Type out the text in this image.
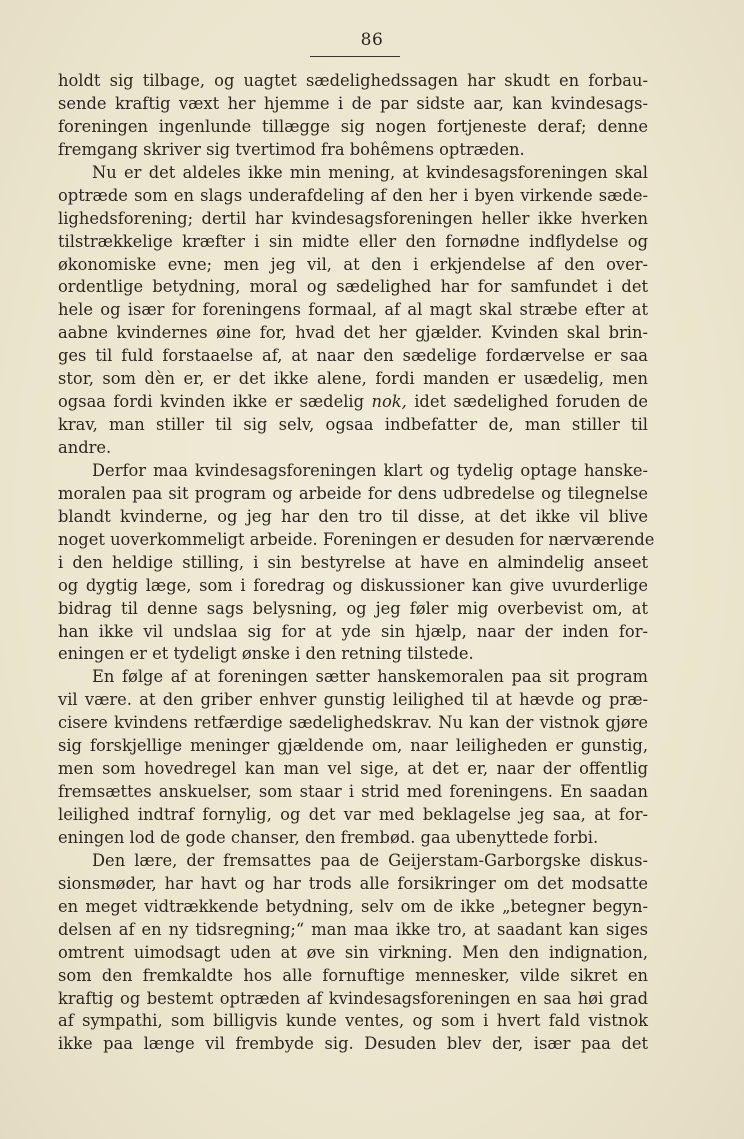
86
holdt sig tilbage, og uagtet sædelighedssagen har skudt en forbau-
sende kraftig væxt her hjemme i de par sidste aar, kan kvindesags-
foreningen ingenlunde tillægge sig nogen fortjeneste deraf; denne
fremgang skriver sig tvertimod fra bohêmens optræden.
Nu er det aldeles ikke min mening, at kvindesagsforeningen skal
optræde som en slags underafdeling af den her i byen virkende sæde-
lighedsforening; dertil har kvindesagsforeningen heller ikke hverken
tilstrækkelige kræfter i sin midte eller den fornødne indflydelse og
økonomiske evne; men jeg vil, at den i erkjendelse af den over-
ordentlige betydning, moral og sædelighed har for samfundet i det
hele og især for foreningens formaal, af al magt skal stræbe efter at
aabne kvindernes øine for, hvad det her gjælder. Kvinden skal brin-
ges til fuld forstaaelse af, at naar den sædelige fordærvelse er saa
stor, som dèn er, er det ikke alene, fordi manden er usædelig, men
ogsaa fordi kvinden ikke er sædelig nok, idet sædelighed foruden de
krav, man stiller til sig selv, ogsaa indbefatter de, man stiller til
andre.
Derfor maa kvindesagsforeningen klart og tydelig optage hanske-
moralen paa sit program og arbeide for dens udbredelse og tilegnelse
blandt kvinderne, og jeg har den tro til disse, at det ikke vil blive
noget uoverkommeligt arbeide. Foreningen er desuden for nærværende
i den heldige stilling, i sin bestyrelse at have en almindelig anseet
og dygtig læge, som i foredrag og diskussioner kan give uvurderlige
bidrag til denne sags belysning, og jeg føler mig overbevist om, at
han ikke vil undslaa sig for at yde sin hjælp, naar der inden for-
eningen er et tydeligt ønske i den retning tilstede.
En følge af at foreningen sætter hanskemoralen paa sit program
vil være. at den griber enhver gunstig leilighed til at hævde og præ-
cisere kvindens retfærdige sædelighedskrav. Nu kan der vistnok gjøre
sig forskjellige meninger gjældende om, naar leiligheden er gunstig,
men som hovedregel kan man vel sige, at det er, naar der offentlig
fremsættes anskuelser, som staar i strid med foreningens. En saadan
leilighed indtraf fornylig, og det var med beklagelse jeg saa, at for-
eningen lod de gode chanser, den frembød. gaa ubenyttede forbi.
Den lære, der fremsattes paa de Geijerstam-Garborgske diskus-
sionsmøder, har havt og har trods alle forsikringer om det modsatte
en meget vidtrækkende betydning, selv om de ikke „betegner begyn-
delsen af en ny tidsregning;“ man maa ikke tro, at saadant kan siges
omtrent uimodsagt uden at øve sin virkning. Men den indignation,
som den fremkaldte hos alle fornuftige mennesker, vilde sikret en
kraftig og bestemt optræden af kvindesagsforeningen en saa høi grad
af sympathi, som billigvis kunde ventes, og som i hvert fald vistnok
ikke paa længe vil frembyde sig. Desuden blev der, især paa det
